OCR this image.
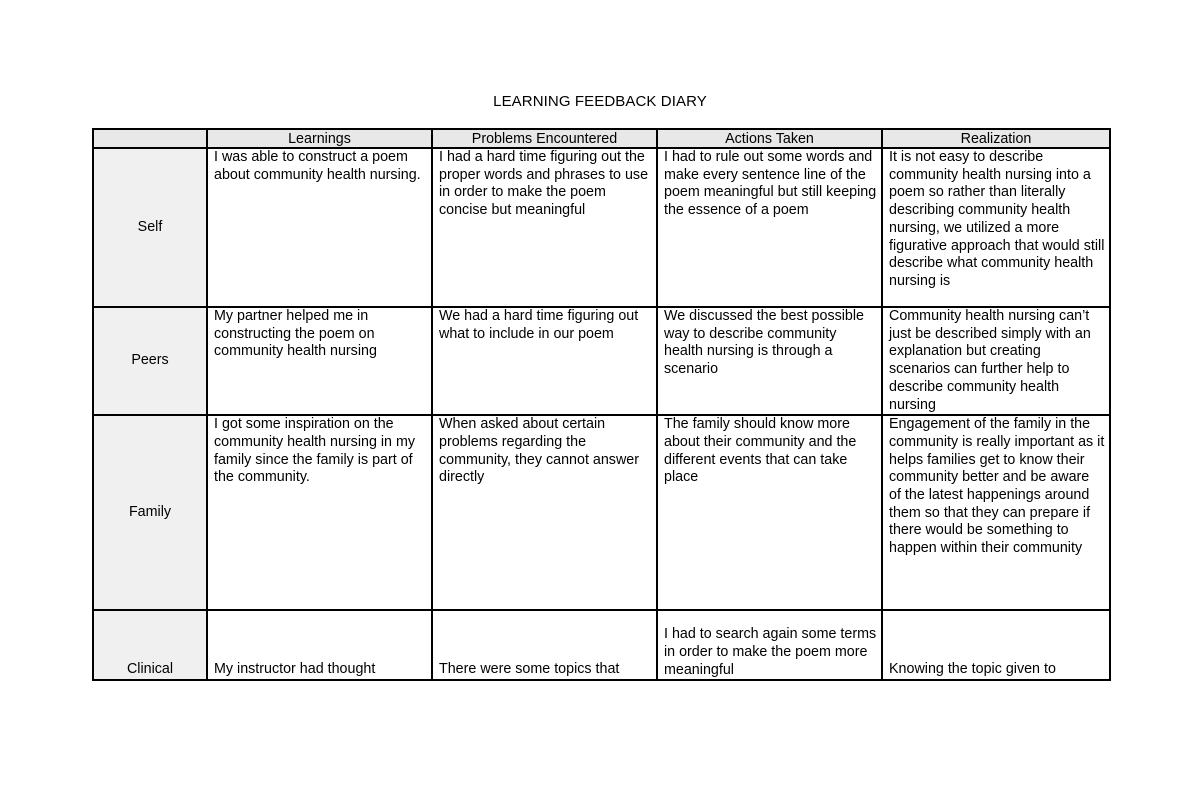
LEARNING FEEDBACK DIARY
	Learnings	Problems Encountered	Actions Taken	Realization
Self	I was able to construct a poem about community health nursing.	I had a hard time figuring out the proper words and phrases to use in order to make the poem concise but meaningful	I had to rule out some words and make every sentence line of the poem meaningful but still keeping the essence of a poem	It is not easy to describe community health nursing into a poem so rather than literally describing community health nursing, we utilized a more figurative approach that would still describe what community health nursing is
Peers	My partner helped me in constructing the poem on community health nursing	We had a hard time figuring out what to include in our poem	We discussed the best possible way to describe community health nursing is through a scenario	Community health nursing can’t just be described simply with an explanation but creating scenarios can further help to describe community health nursing
Family	I got some inspiration on the community health nursing in my family since the family is part of the community.	When asked about certain problems regarding the community, they cannot answer directly	The family should know more about their community and the different events that can take place	Engagement of the family in the community is really important as it helps families get to know their community better and be aware of the latest happenings around them so that they can prepare if there would be something to happen within their community

Clinical	My instructor had thought	There were some topics that	I had to search again some terms in order to make the poem more meaningful	Knowing the topic given to
